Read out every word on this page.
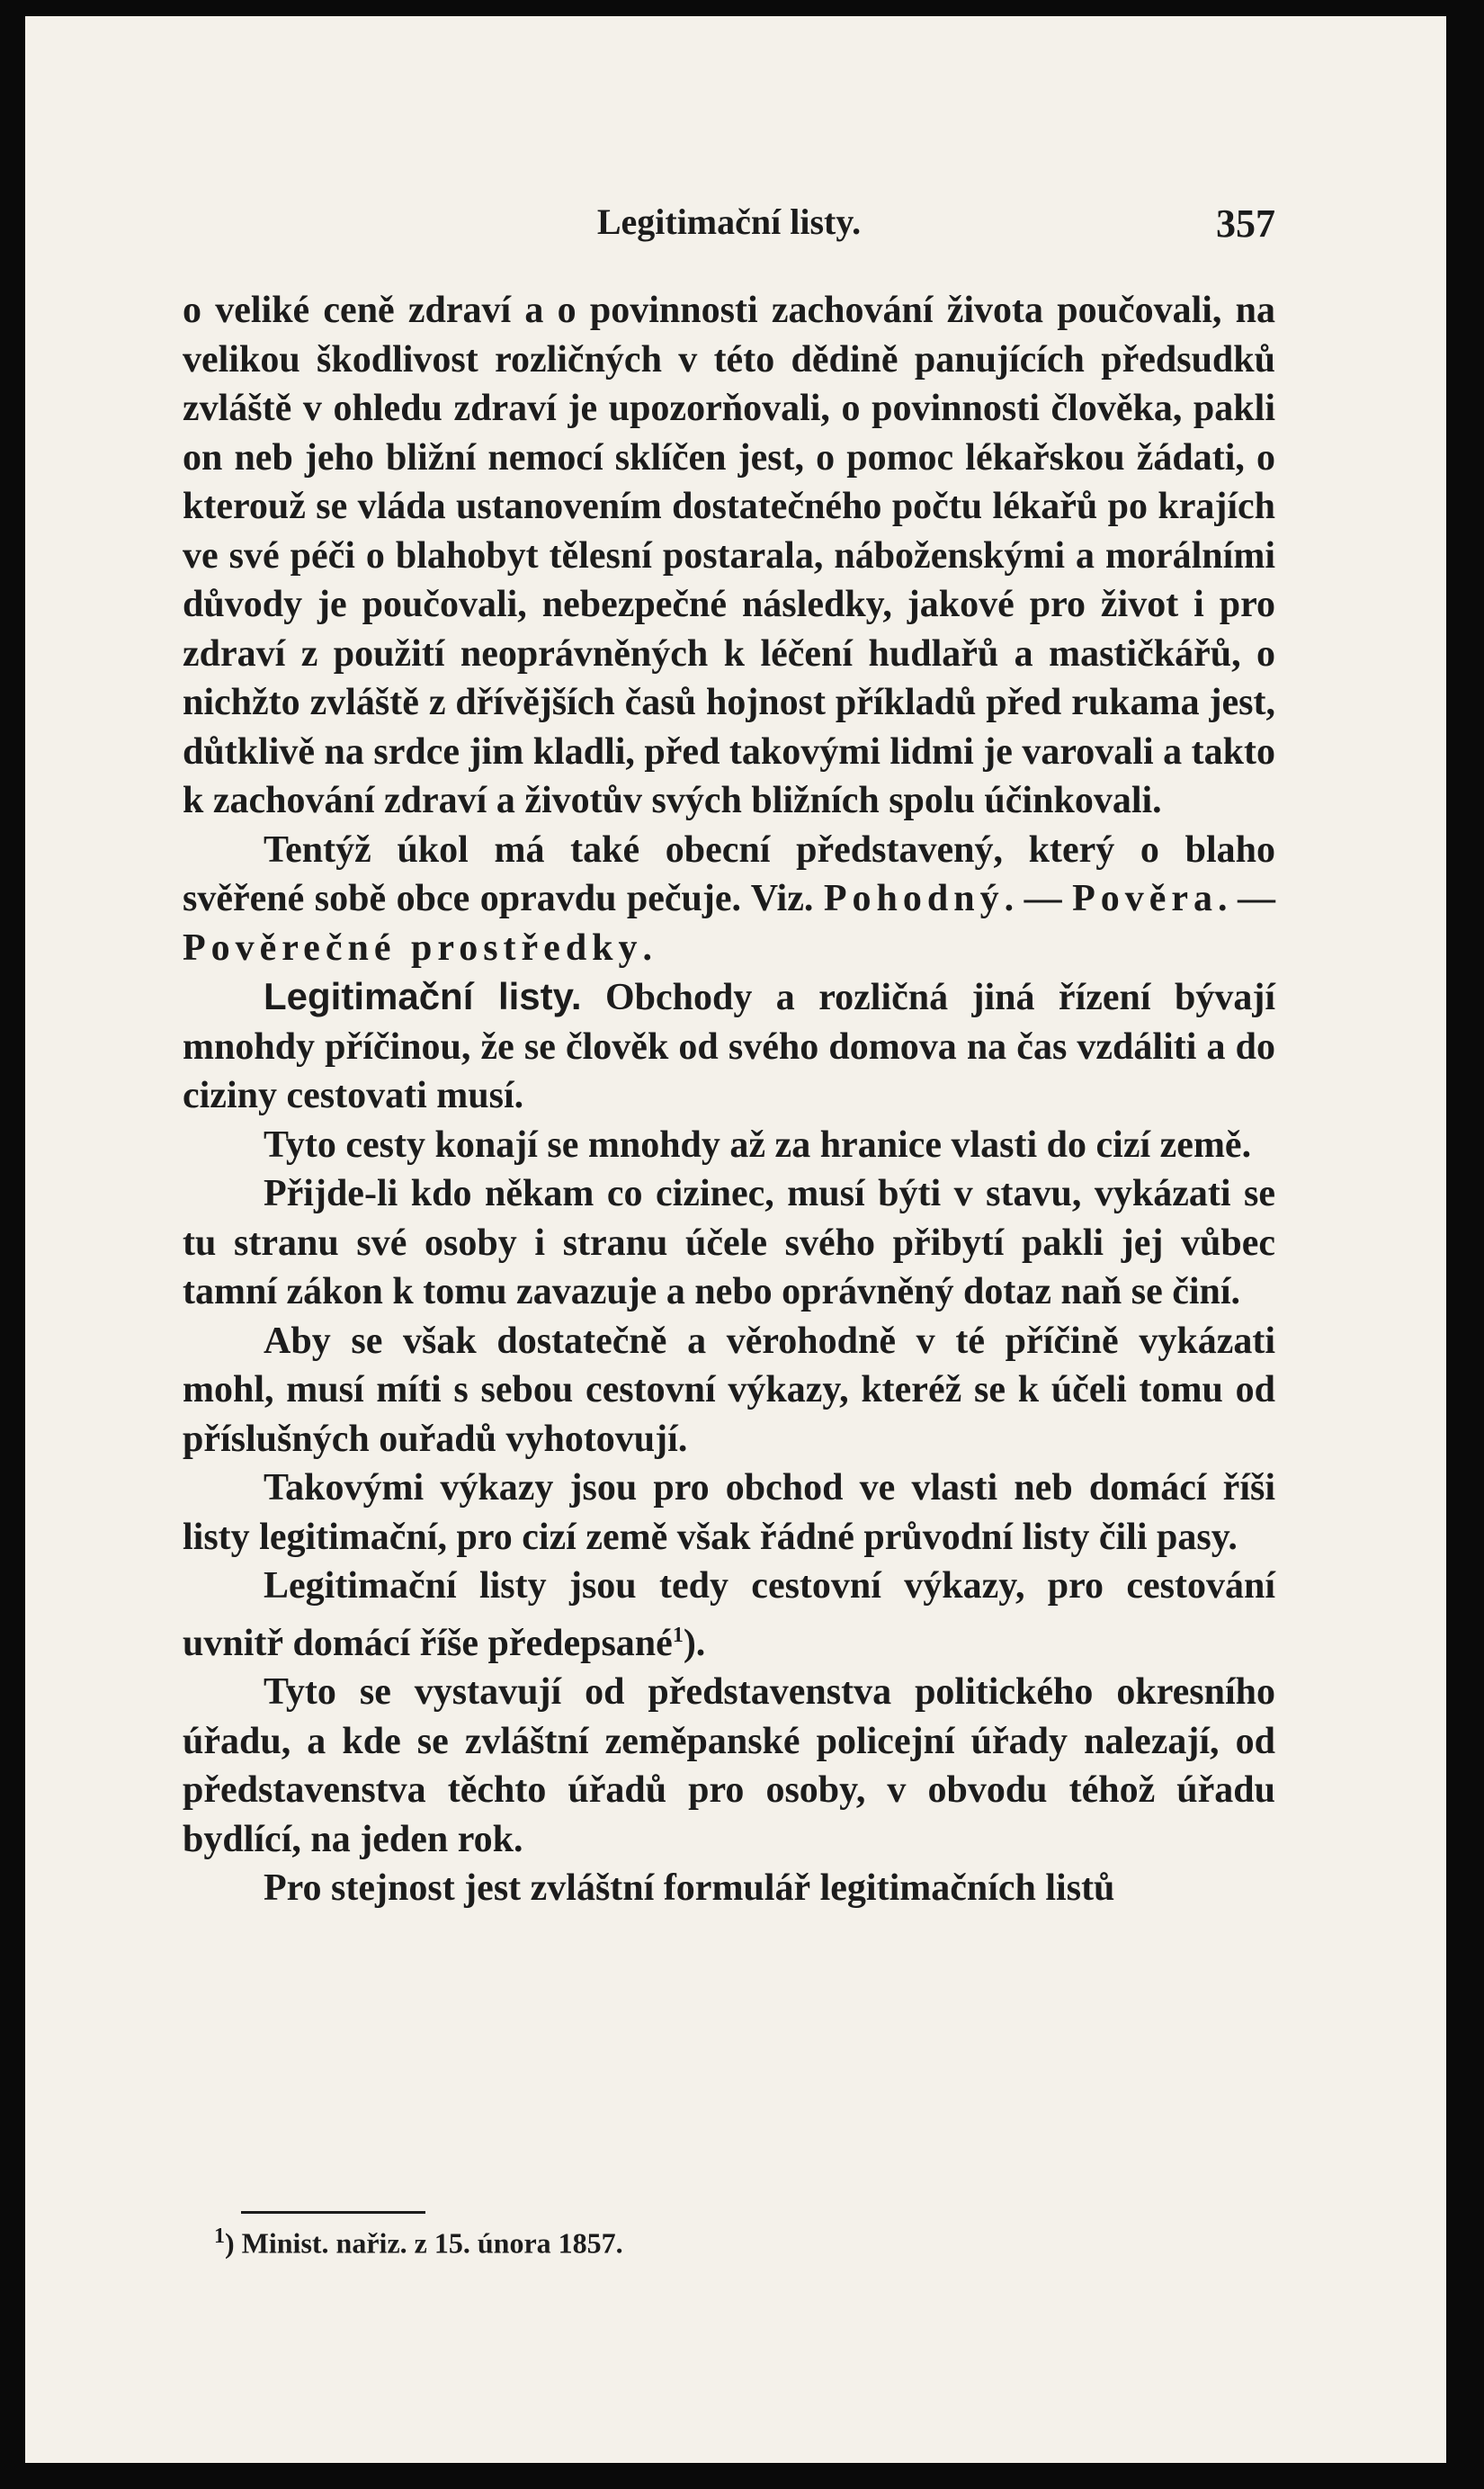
Legitimační listy.	357

o veliké ceně zdraví a o povinnosti zachování života poučovali, na velikou škodlivost rozličných v této dědině panujících předsudků zvláště v ohledu zdraví je upozorňovali, o povinnosti člověka, pakli on neb jeho bližní nemocí sklíčen jest, o pomoc lékařskou žádati, o kterouž se vláda ustanovením dostatečného počtu lékařů po krajích ve své péči o blahobyt tělesní postarala, náboženskými a morálními důvody je poučovali, nebezpečné následky, jakové pro život i pro zdraví z použití neoprávněných k léčení hudlařů a mastičkářů, o nichžto zvláště z dřívějších časů hojnost příkladů před rukama jest, důtklivě na srdce jim kladli, před takovými lidmi je varovali a takto k zachování zdraví a životův svých bližních spolu účinkovali.

Tentýž úkol má také obecní představený, který o blaho svěřené sobě obce opravdu pečuje. Viz. Pohodný. — Pověra. — Pověrečné prostředky.

Legitimační listy. Obchody a rozličná jiná řízení bývají mnohdy příčinou, že se člověk od svého domova na čas vzdáliti a do ciziny cestovati musí.

Tyto cesty konají se mnohdy až za hranice vlasti do cizí země.

Přijde-li kdo někam co cizinec, musí býti v stavu, vykázati se tu stranu své osoby i stranu účele svého přibytí pakli jej vůbec tamní zákon k tomu zavazuje a nebo oprávněný dotaz naň se činí.

Aby se však dostatečně a věrohodně v té příčině vykázati mohl, musí míti s sebou cestovní výkazy, kteréž se k účeli tomu od příslušných ouřadů vyhotovují.

Takovými výkazy jsou pro obchod ve vlasti neb domácí říši listy legitimační, pro cizí země však řádné průvodní listy čili pasy.

Legitimační listy jsou tedy cestovní výkazy, pro cestování uvnitř domácí říše předepsané$^1$).

Tyto se vystavují od představenstva politického okresního úřadu, a kde se zvláštní zeměpanské policejní úřady nalezají, od představenstva těchto úřadů pro osoby, v obvodu téhož úřadu bydlící, na jeden rok.

Pro stejnost jest zvláštní formulář legitimačních listů

$^1$) Minist. nařiz. z 15. února 1857.
